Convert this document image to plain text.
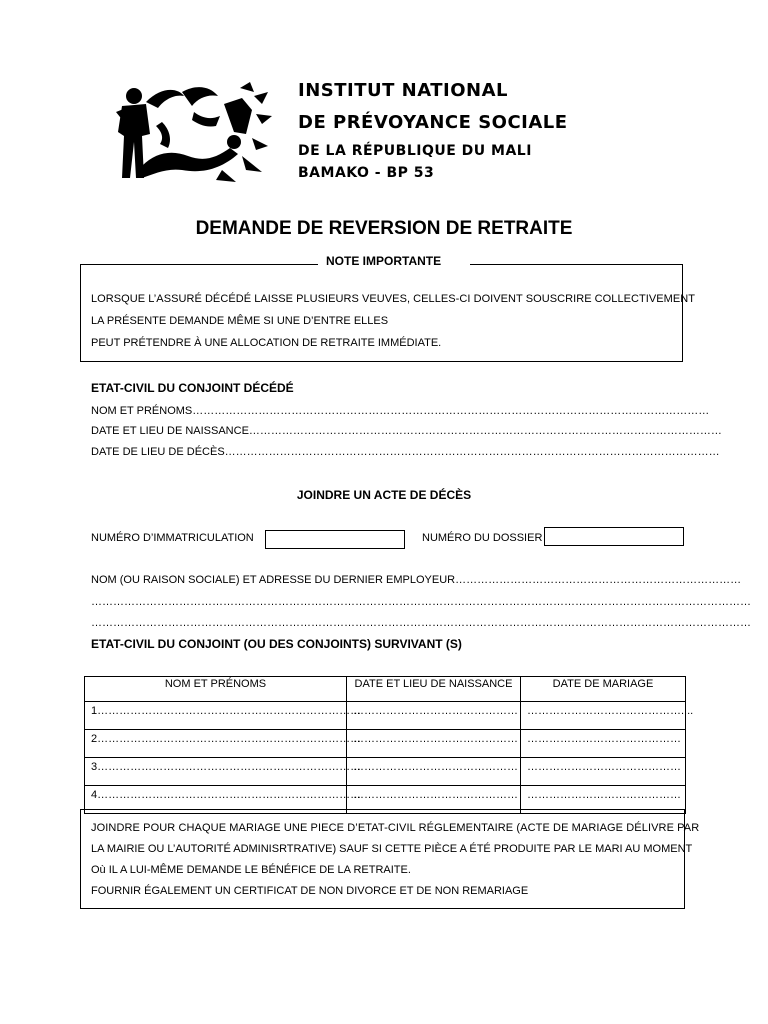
INSTITUT NATIONAL
DE PRÉVOYANCE SOCIALE
DE LA RÉPUBLIQUE DU MALI
BAMAKO - BP 53
DEMANDE DE REVERSION DE RETRAITE
NOTE IMPORTANTE
LORSQUE L’ASSURÉ DÉCÉDÉ LAISSE PLUSIEURS VEUVES, CELLES-CI DOIVENT SOUSCRIRE COLLECTIVEMENT
LA PRÉSENTE DEMANDE MÊME SI UNE D’ENTRE ELLES
PEUT PRÉTENDRE À UNE ALLOCATION DE RETRAITE IMMÉDIATE.
ETAT-CIVIL DU CONJOINT DÉCÉDÉ
NOM ET PRÉNOMS……………………………………………………………………………………………………………………………
DATE ET LIEU DE NAISSANCE…………………………………………………………………………………………………………………
DATE DE LIEU DE DÉCÈS………………………………………………………………………………………………………………………
JOINDRE UN ACTE DE DÉCÈS
NUMÉRO D’IMMATRICULATION	NUMÉRO DU DOSSIER
NOM (OU RAISON SOCIALE) ET ADRESSE DU DERNIER EMPLOYEUR……………………………………………………………………
………………………………………………………………………………………………………………………………………………………………
………………………………………………………………………………………………………………………………………………………………
ETAT-CIVIL DU CONJOINT (OU DES CONJOINTS) SURVIVANT (S)
NOM ET PRÉNOMS	DATE ET LIEU DE NAISSANCE	DATE DE MARIAGE
1………………………………………………………………	………………………………………	……………………………………....
2………………………………………………………………	………………………………………	……………………………………
3………………………………………………………………	………………………………………	……………………………………
4………………………………………………………………	………………………………………	……………………………………
JOINDRE POUR CHAQUE MARIAGE UNE PIECE D’ETAT-CIVIL RÉGLEMENTAIRE (ACTE DE MARIAGE DÉLIVRE PAR
LA MAIRIE OU L’AUTORITÉ ADMINISRTRATIVE) SAUF SI CETTE PIÈCE A ÉTÉ PRODUITE PAR LE MARI AU MOMENT
Où IL A LUI-MÊME DEMANDE LE BÉNÉFICE DE LA RETRAITE.
FOURNIR ÉGALEMENT UN CERTIFICAT DE NON DIVORCE ET DE NON REMARIAGE
